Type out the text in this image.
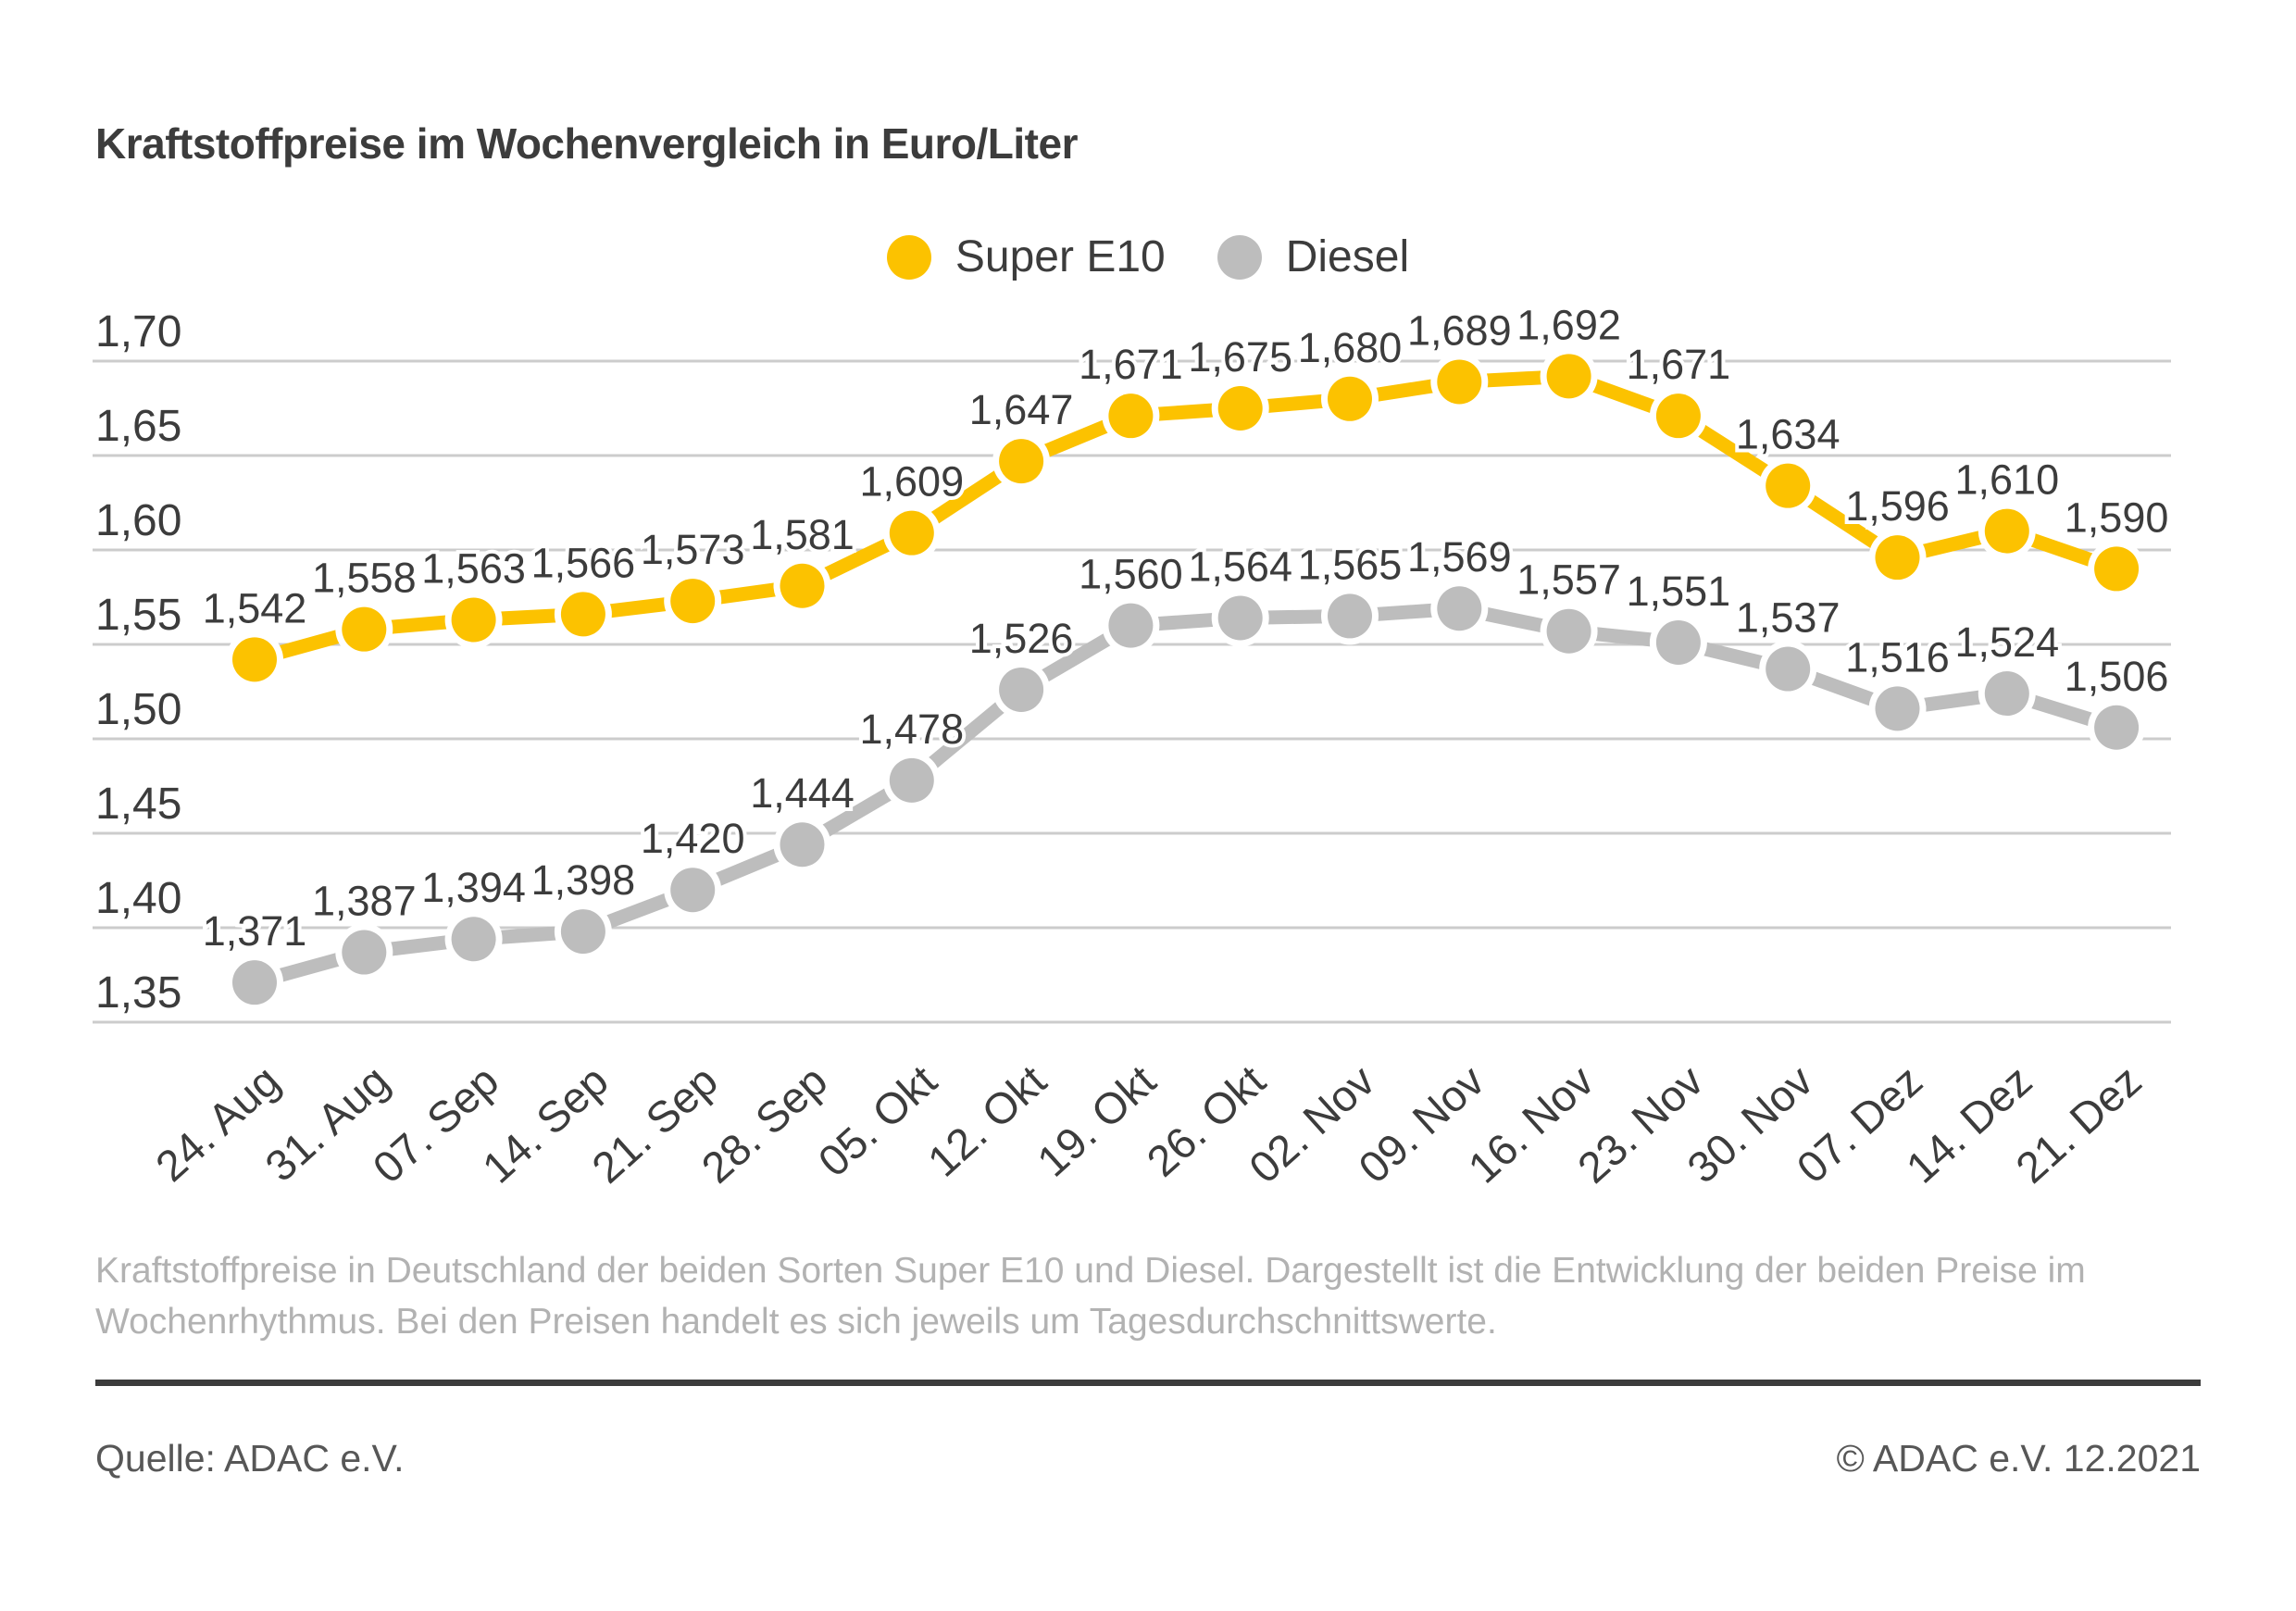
Kraftstoffpreise im Wochenvergleich in Euro/Liter
Super E10	Diesel
1,70
1,65
1,60
1,55
1,50
1,45
1,40
1,35
24. Aug
31. Aug
07. Sep
14. Sep
21. Sep
28. Sep
05. Okt
12. Okt
19. Okt
26. Okt
02. Nov
09. Nov
16. Nov
23. Nov
30. Nov
07. Dez
14. Dez
21. Dez
1,542
1,558 1,563 1,566 1,573 1,581
1,609
1,647
1,671 1,675 1,680 1,689 1,692
1,671
1,634
1,596
1,610
1,590
1,371
1,387 1,394 1,398
1,420
1,444
1,478
1,526
1,560 1,564 1,565 1,569 1,557 1,551
1,537
1,516 1,524
1,506
Kraftstoffpreise in Deutschland der beiden Sorten Super E10 und Diesel. Dargestellt ist die Entwicklung der beiden Preise im Wochenrhythmus. Bei den Preisen handelt es sich jeweils um Tagesdurchschnittswerte.
Quelle: ADAC e.V.	© ADAC e.V. 12.2021
